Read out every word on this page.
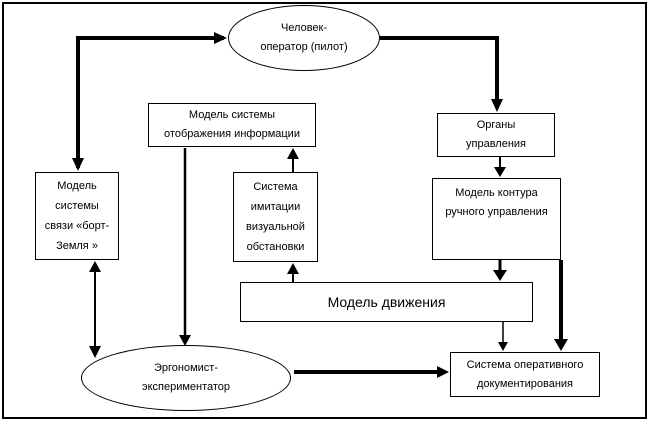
Человек-
оператор (пилот)
Модель системы
отображения информации
Органы
управления
Модель
системы
связи «борт-
Земля »
Система
имитации
визуальной
обстановки
Модель контура
ручного управления
Модель движения
Эргономист-
экспериментатор
Система оперативного
документирования
